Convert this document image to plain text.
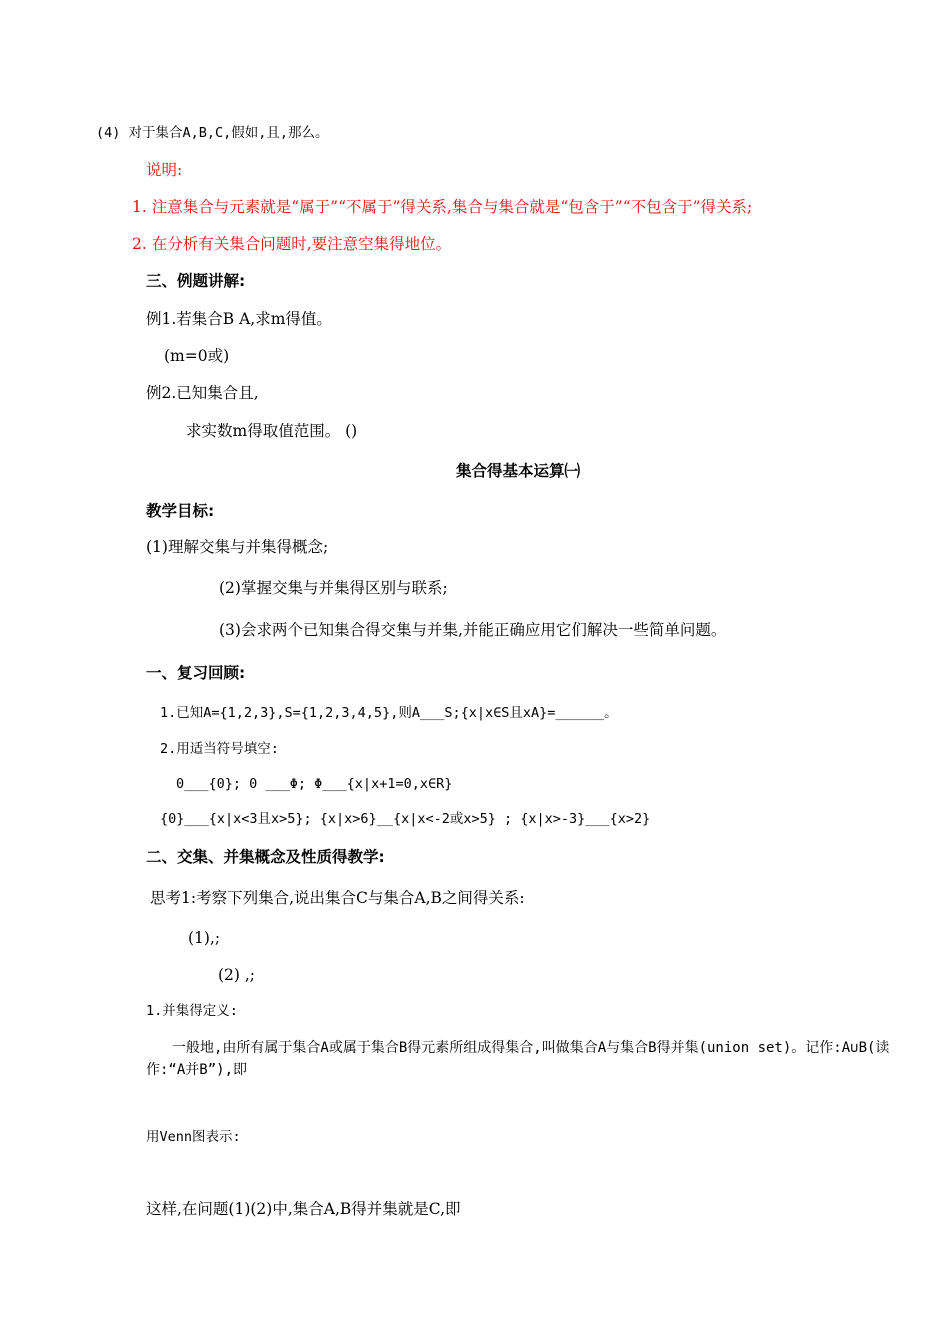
(4) 对于集合A,B,C,假如,且,那么。
说明:
1. 注意集合与元素就是“属于”“不属于”得关系,集合与集合就是“包含于”“不包含于”得关系;
2. 在分析有关集合问题时,要注意空集得地位。
三、例题讲解:
例1.若集合B A,求m得值。
(m=0或)
例2.已知集合且,
求实数m得取值范围。 ()
集合得基本运算㈠
教学目标:
(1)理解交集与并集得概念;
(2)掌握交集与并集得区别与联系;
(3)会求两个已知集合得交集与并集,并能正确应用它们解决一些简单问题。
一、复习回顾:
1.已知A={1,2,3},S={1,2,3,4,5},则A___S;{x|x∈S且xA}=______。
2.用适当符号填空:
0___{0}; 0 ___Φ; Φ___{x|x+1=0,x∈R}
{0}___{x|x<3且x>5}; {x|x>6}__{x|x<-2或x>5} ; {x|x>-3}___{x>2}
二、交集、并集概念及性质得教学:
思考1:考察下列集合,说出集合C与集合A,B之间得关系:
(1),;
(2) ,;
1.并集得定义:
一般地,由所有属于集合A或属于集合B得元素所组成得集合,叫做集合A与集合B得并集(union set)。记作:A∪B(读作:“A并B”),即
用Venn图表示:
这样,在问题(1)(2)中,集合A,B得并集就是C,即
